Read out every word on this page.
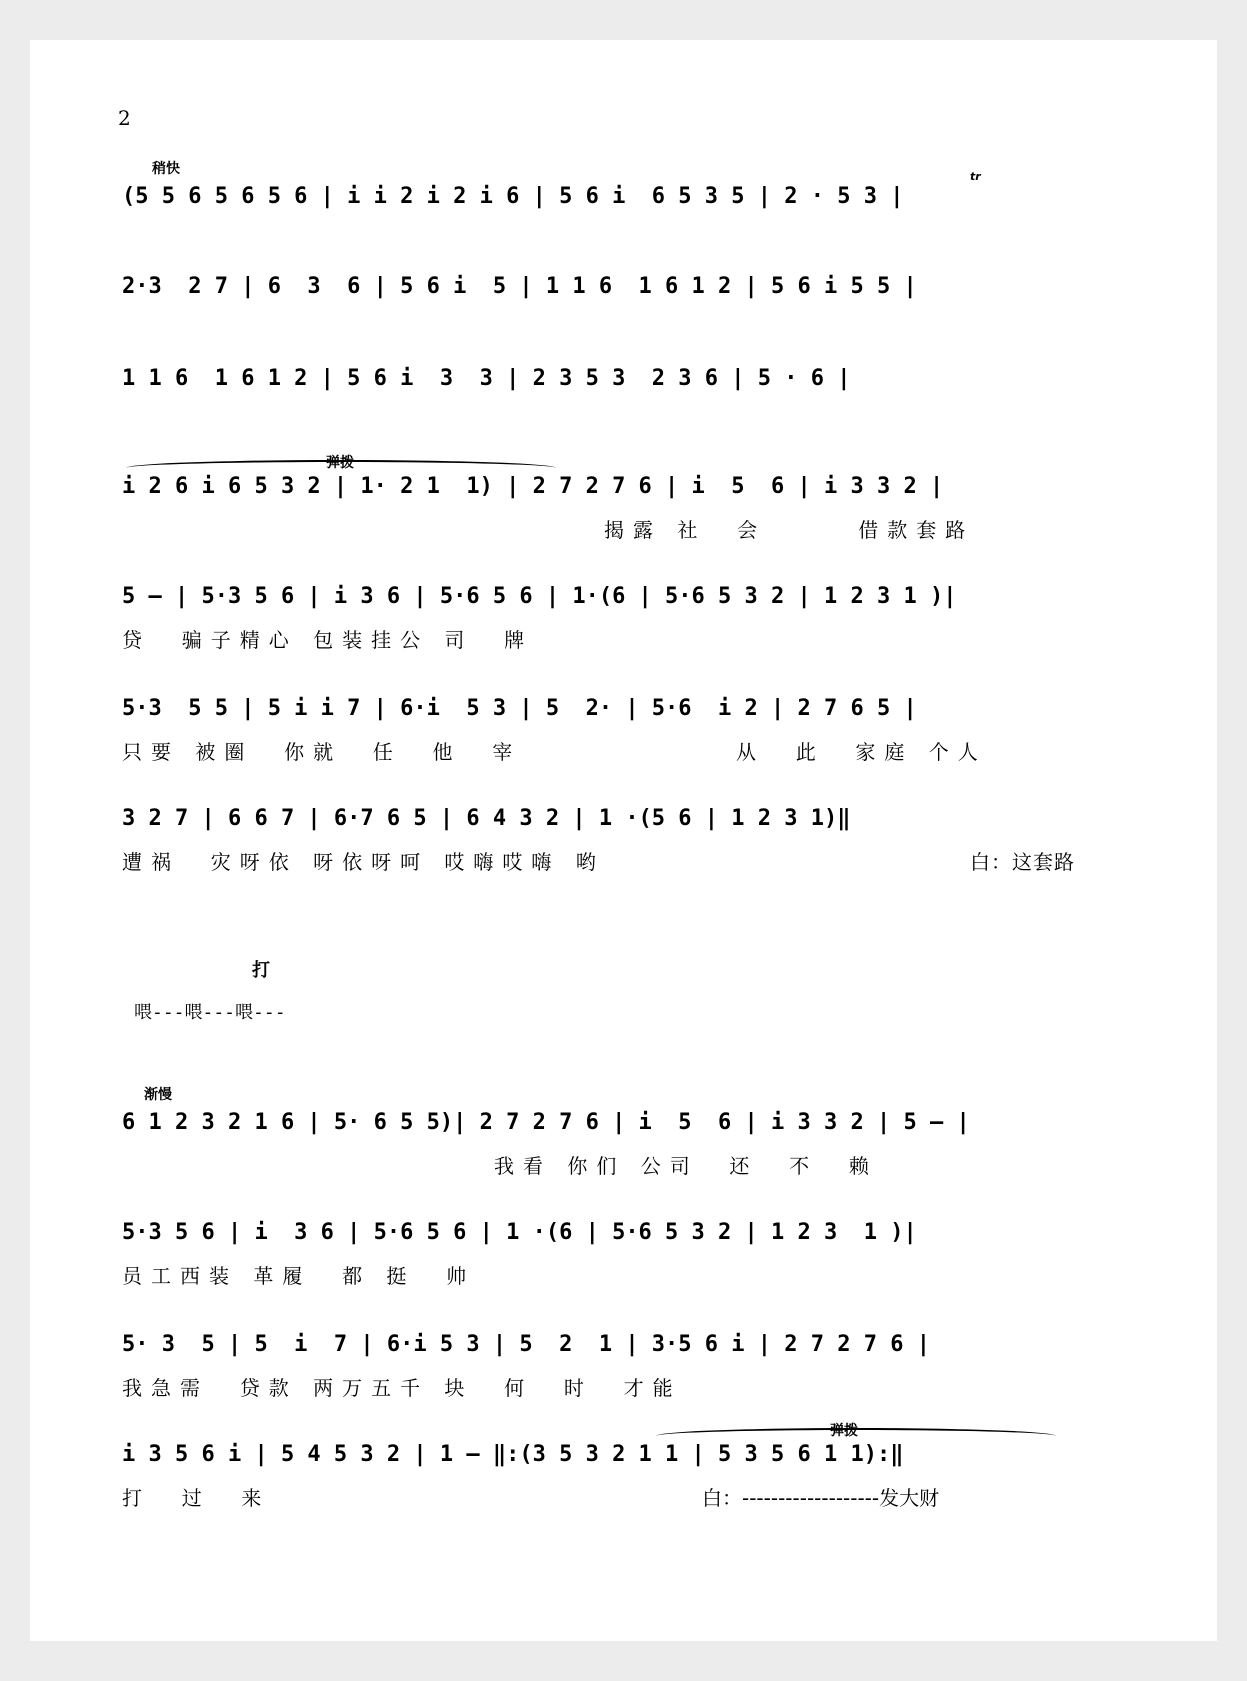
2
稍快	tr

(5 5 6 5 6 5 6 | i i 2 i 2 i 6 | 5 6 i  6 5 3 5 | 2 · 5 3 |

2·3  2 7 | 6  3  6 | 5 6 i  5 | 1 1 6  1 6 1 2 | 5 6 i 5 5 |

1 1 6  1 6 1 2 | 5 6 i  3  3 | 2 3 5 3  2 3 6 | 5 · 6 |

弹拨

i 2 6 i 6 5 3 2 | 1· 2 1  1) | 2 7 2 7 6 | i  5  6 | i 3 3 2 |

揭露 社  会      借款套路

5 — | 5·3 5 6 | i 3 6 | 5·6 5 6 | 1·(6 | 5·6 5 3 2 | 1 2 3 1 )|

贷  骗子精心 包装挂公 司  牌

5·3  5 5 | 5 i i 7 | 6·i  5 3 | 5  2· | 5·6  i 2 | 2 7 6 5 |

只要 被圈  你就  任  他  宰	从  此  家庭 个人

3 2 7 | 6 6 7 | 6·7 6 5 | 6 4 3 2 | 1 ·(5 6 | 1 2 3 1)‖

遭祸  灾呀依 呀依呀呵 哎嗨哎嗨 哟	白：这套路
打
喂---喂---喂---
渐慢

6 1 2 3 2 1 6 | 5· 6 5 5)| 2 7 2 7 6 | i  5  6 | i 3 3 2 | 5 — |

我看 你们 公司  还  不  赖

5·3 5 6 | i  3 6 | 5·6 5 6 | 1 ·(6 | 5·6 5 3 2 | 1 2 3  1 )|

员工西装 革履  都 挺  帅

5· 3  5 | 5  i  7 | 6·i 5 3 | 5  2  1 | 3·5 6 i | 2 7 2 7 6 |

我急需  贷款 两万五千 块  何  时  才能
弹拨

i 3 5 6 i | 5 4 5 3 2 | 1 — ‖:(3 5 3 2 1 1 | 5 3 5 6 1 1):‖

打  过  来	白：-------------------发大财
